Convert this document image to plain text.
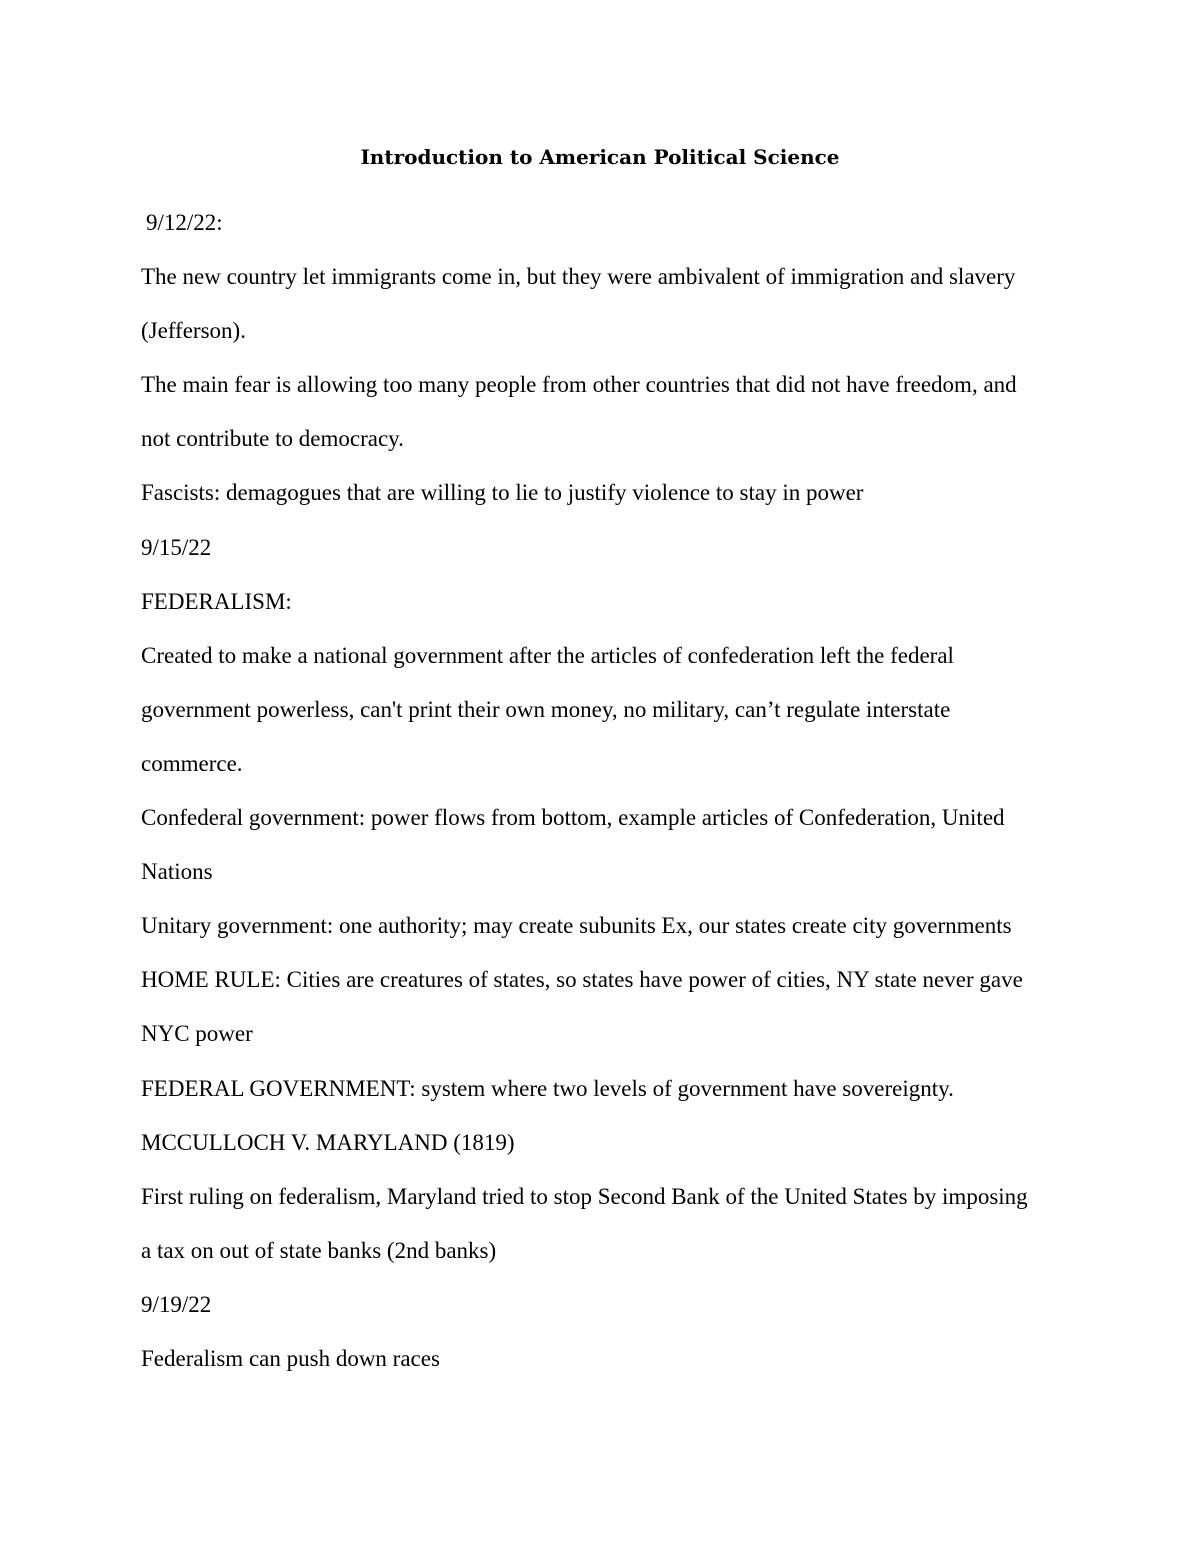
Introduction to American Political Science
9/12/22:
The new country let immigrants come in, but they were ambivalent of immigration and slavery
(Jefferson).
The main fear is allowing too many people from other countries that did not have freedom, and
not contribute to democracy.
Fascists: demagogues that are willing to lie to justify violence to stay in power
9/15/22
FEDERALISM:
Created to make a national government after the articles of confederation left the federal
government powerless, can't print their own money, no military, can’t regulate interstate
commerce.
Confederal government: power flows from bottom, example articles of Confederation, United
Nations
Unitary government: one authority; may create subunits Ex, our states create city governments
HOME RULE: Cities are creatures of states, so states have power of cities, NY state never gave
NYC power
FEDERAL GOVERNMENT: system where two levels of government have sovereignty.
MCCULLOCH V. MARYLAND (1819)
First ruling on federalism, Maryland tried to stop Second Bank of the United States by imposing
a tax on out of state banks (2nd banks)
9/19/22
Federalism can push down races
